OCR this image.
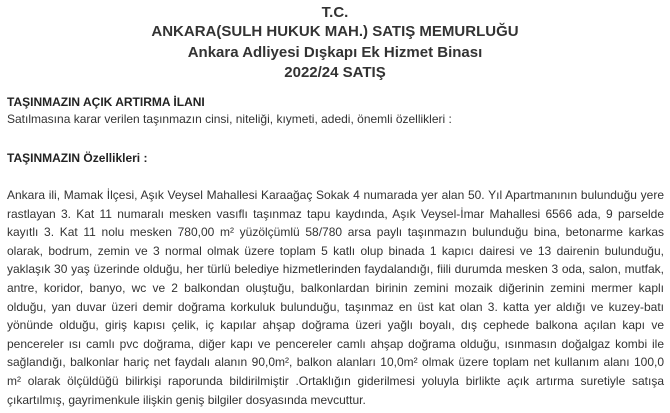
T.C.
ANKARA(SULH HUKUK MAH.) SATIŞ MEMURLUĞU
Ankara Adliyesi Dışkapı Ek Hizmet Binası
2022/24 SATIŞ
TAŞINMAZIN AÇIK ARTIRMA İLANI
Satılmasına karar verilen taşınmazın cinsi, niteliği, kıymeti, adedi, önemli özellikleri :
TAŞINMAZIN Özellikleri :

Ankara ili, Mamak İlçesi, Aşık Veysel Mahallesi Karaağaç Sokak 4 numarada yer alan 50. Yıl Apartmanının bulunduğu yere rastlayan 3. Kat 11 numaralı mesken vasıflı taşınmaz tapu kaydında, Aşık Veysel-İmar Mahallesi 6566 ada, 9 parselde kayıtlı 3. Kat 11 nolu mesken 780,00 m² yüzölçümlü 58/780 arsa paylı taşınmazın bulunduğu bina, betonarme karkas olarak, bodrum, zemin ve 3 normal olmak üzere toplam 5 katlı olup binada 1 kapıcı dairesi ve 13 dairenin bulunduğu, yaklaşık 30 yaş üzerinde olduğu, her türlü belediye hizmetlerinden faydalandığı, fiili durumda mesken 3 oda, salon, mutfak, antre, koridor, banyo, wc ve 2 balkondan oluştuğu, balkonlardan birinin zemini mozaik diğerinin zemini mermer kaplı olduğu, yan duvar üzeri demir doğrama korkuluk bulunduğu, taşınmaz en üst kat olan 3. katta yer aldığı ve kuzey-batı yönünde olduğu, giriş kapısı çelik, iç kapılar ahşap doğrama üzeri yağlı boyalı, dış cephede balkona açılan kapı ve pencereler ısı camlı pvc doğrama, diğer kapı ve pencereler camlı ahşap doğrama olduğu, ısınmasın doğalgaz kombi ile sağlandığı, balkonlar hariç net faydalı alanın 90,0m², balkon alanları 10,0m² olmak üzere toplam net kullanım alanı 100,0 m² olarak ölçüldüğü bilirkişi raporunda bildirilmiştir .Ortaklığın giderilmesi yoluyla birlikte açık artırma suretiyle satışa çıkartılmış, gayrimenkule ilişkin geniş bilgiler dosyasında mevcuttur.
